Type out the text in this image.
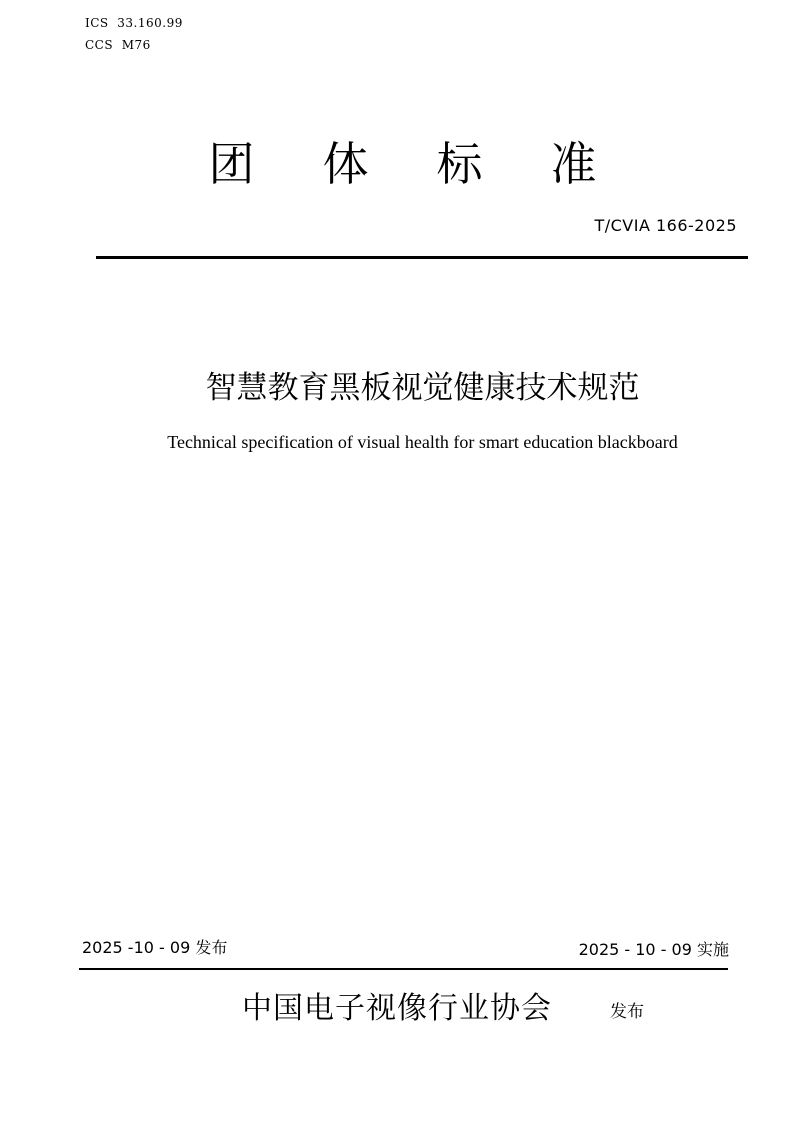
ICS  33.160.99
CCS  M76
团体标准
T/CVIA 166-2025
智慧教育黑板视觉健康技术规范
Technical specification of visual health for smart education blackboard
2025 -10 - 09 发布	2025 - 10 - 09 实施
中国电子视像行业协会	发布
